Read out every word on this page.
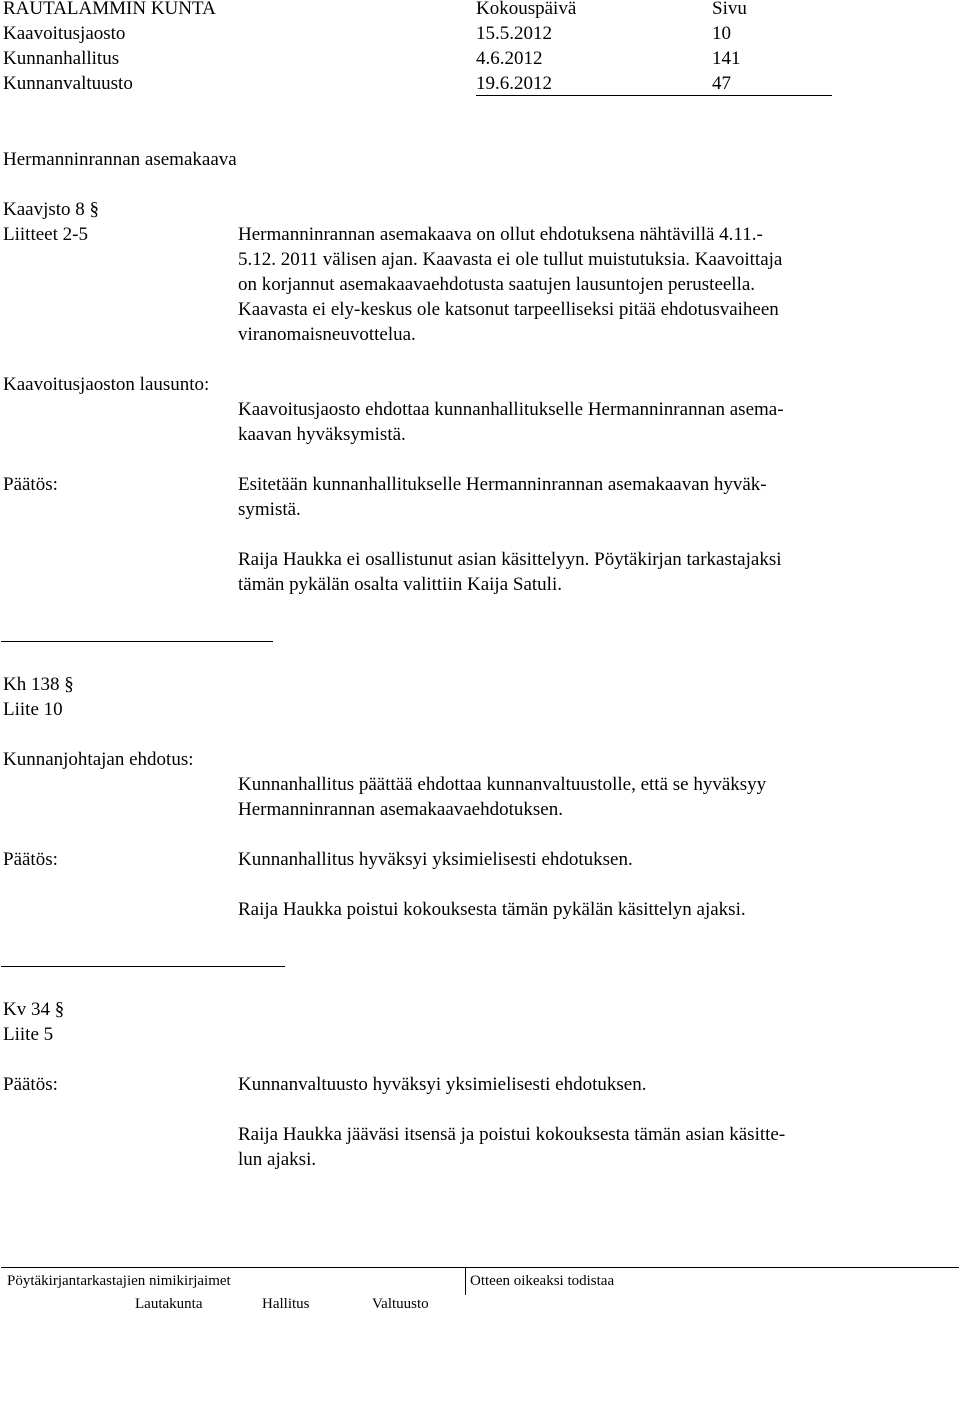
RAUTALAMMIN KUNTA	Kokouspäivä	Sivu
Kaavoitusjaosto	15.5.2012	10
Kunnanhallitus	4.6.2012	141
Kunnanvaltuusto	19.6.2012	47
Hermanninrannan asemakaava
Kaavjsto 8 §
Liitteet 2-5	Hermanninrannan asemakaava on ollut ehdotuksena nähtävillä 4.11.-
5.12. 2011 välisen ajan. Kaavasta ei ole tullut muistutuksia. Kaavoittaja
on korjannut asemakaavaehdotusta saatujen lausuntojen perusteella.
Kaavasta ei ely-keskus ole katsonut tarpeelliseksi pitää ehdotusvaiheen
viranomaisneuvottelua.
Kaavoitusjaoston lausunto:
Kaavoitusjaosto ehdottaa kunnanhallitukselle Hermanninrannan asema-
kaavan hyväksymistä.
Päätös:	Esitetään kunnanhallitukselle Hermanninrannan asemakaavan hyväk-
symistä.
Raija Haukka ei osallistunut asian käsittelyyn. Pöytäkirjan tarkastajaksi
tämän pykälän osalta valittiin Kaija Satuli.
Kh 138 §
Liite 10
Kunnanjohtajan ehdotus:
Kunnanhallitus päättää ehdottaa kunnanvaltuustolle, että se hyväksyy
Hermanninrannan asemakaavaehdotuksen.
Päätös:	Kunnanhallitus hyväksyi yksimielisesti ehdotuksen.
Raija Haukka poistui kokouksesta tämän pykälän käsittelyn ajaksi.
Kv 34 §
Liite 5
Päätös:	Kunnanvaltuusto hyväksyi yksimielisesti ehdotuksen.
Raija Haukka jääväsi itsensä ja poistui kokouksesta tämän asian käsitte-
lun ajaksi.
Pöytäkirjantarkastajien nimikirjaimet	Otteen oikeaksi todistaa
Lautakunta	Hallitus	Valtuusto
